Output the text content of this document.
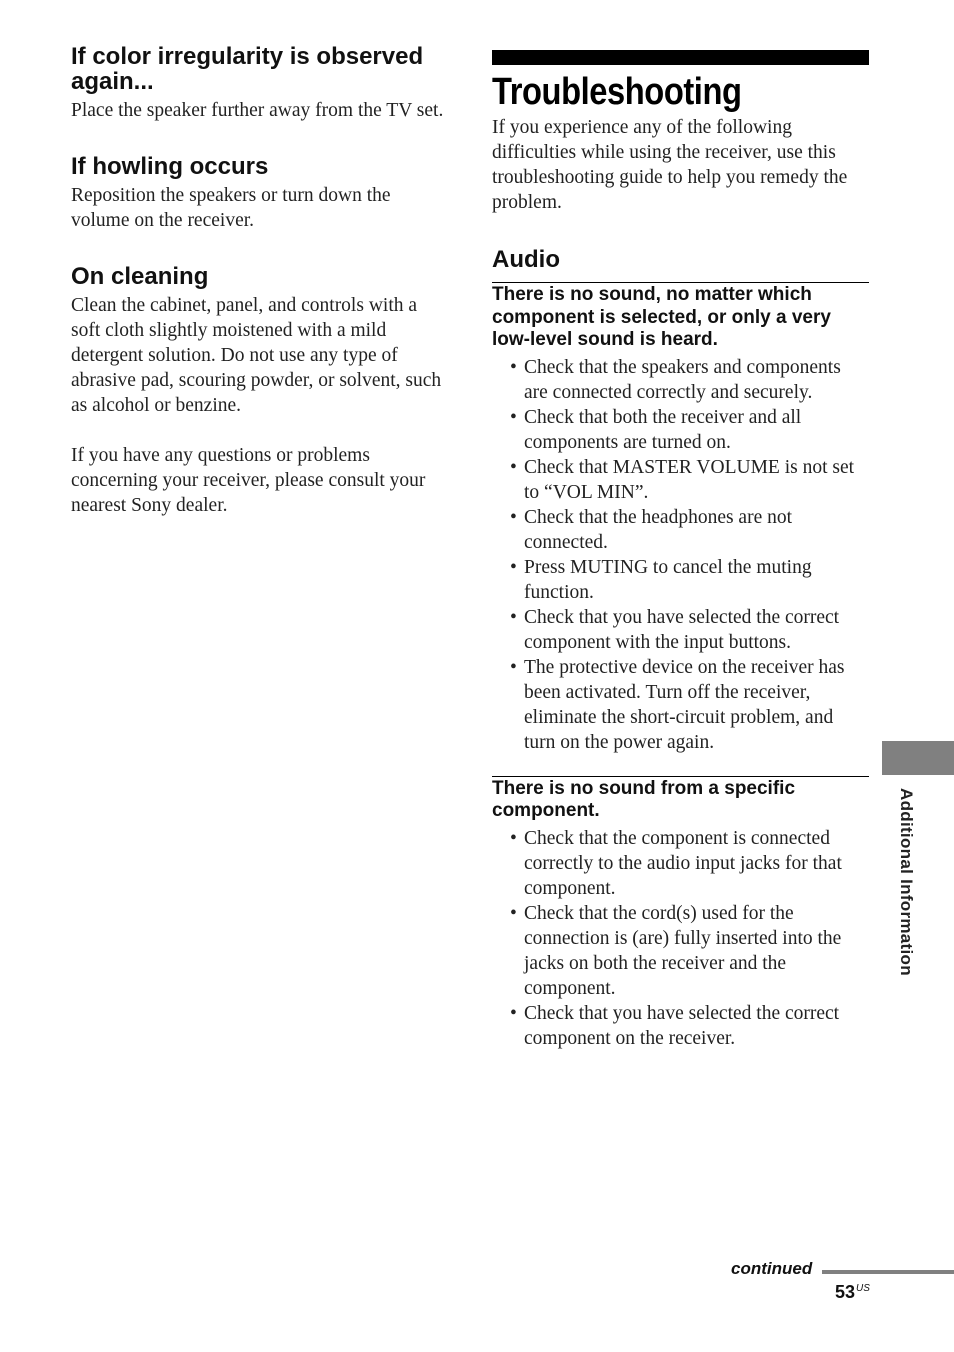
If color irregularity is observed again...

Place the speaker further away from the TV set.

If howling occurs

Reposition the speakers or turn down the volume on the receiver.

On cleaning

Clean the cabinet, panel, and controls with a soft cloth slightly moistened with a mild detergent solution. Do not use any type of abrasive pad, scouring powder, or solvent, such as alcohol or benzine.

If you have any questions or problems concerning your receiver, please consult your nearest Sony dealer.

Troubleshooting

If you experience any of the following difficulties while using the receiver, use this troubleshooting guide to help you remedy the problem.

Audio
There is no sound, no matter which component is selected, or only a very low-level sound is heard.
• Check that the speakers and components are connected correctly and securely.
• Check that both the receiver and all components are turned on.
• Check that MASTER VOLUME is not set to “VOL MIN”.
• Check that the headphones are not connected.
• Press MUTING to cancel the muting function.
• Check that you have selected the correct component with the input buttons.
• The protective device on the receiver has been activated. Turn off the receiver, eliminate the short-circuit problem, and turn on the power again.
There is no sound from a specific component.
• Check that the component is connected correctly to the audio input jacks for that component.
• Check that the cord(s) used for the connection is (are) fully inserted into the jacks on both the receiver and the component.
• Check that you have selected the correct component on the receiver.
Additional Information
continued
$53^{US}$
